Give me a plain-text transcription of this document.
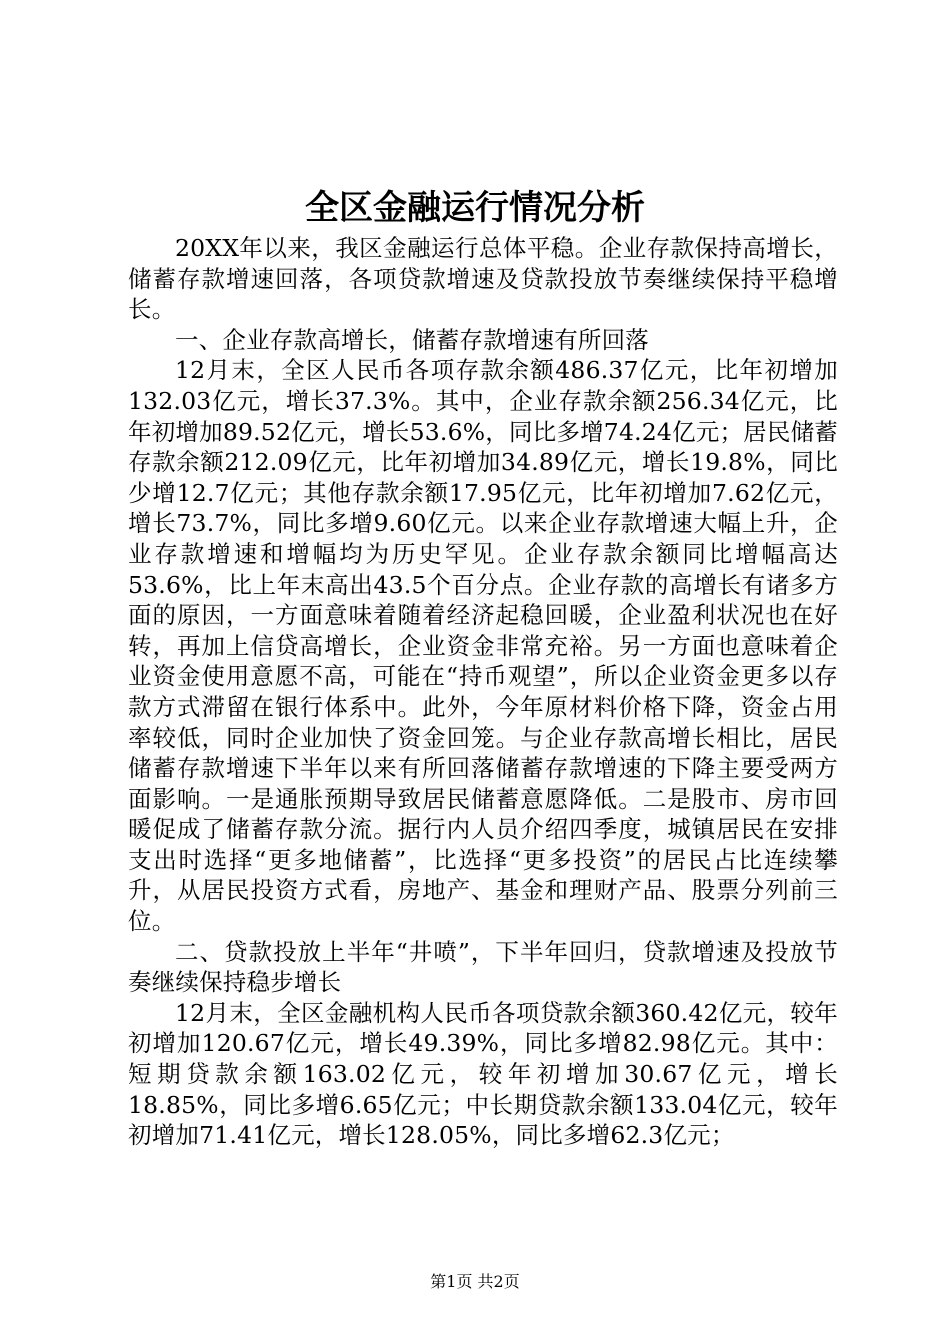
全区金融运行情况分析

20XX年以来，我区金融运行总体平稳。企业存款保持高增长，储蓄存款增速回落，各项贷款增速及贷款投放节奏继续保持平稳增长。

一、企业存款高增长，储蓄存款增速有所回落

12月末，全区人民币各项存款余额486.37亿元，比年初增加132.03亿元，增长37.3%。其中，企业存款余额256.34亿元，比年初增加89.52亿元，增长53.6%，同比多增74.24亿元；居民储蓄存款余额212.09亿元，比年初增加34.89亿元，增长19.8%，同比少增12.7亿元；其他存款余额17.95亿元，比年初增加7.62亿元，增长73.7%，同比多增9.60亿元。以来企业存款增速大幅上升，企业存款增速和增幅均为历史罕见。企业存款余额同比增幅高达53.6%，比上年末高出43.5个百分点。企业存款的高增长有诸多方面的原因，一方面意味着随着经济起稳回暖，企业盈利状况也在好转，再加上信贷高增长，企业资金非常充裕。另一方面也意味着企业资金使用意愿不高，可能在“持币观望”，所以企业资金更多以存款方式滞留在银行体系中。此外，今年原材料价格下降，资金占用率较低，同时企业加快了资金回笼。与企业存款高增长相比，居民储蓄存款增速下半年以来有所回落储蓄存款增速的下降主要受两方面影响。一是通胀预期导致居民储蓄意愿降低。二是股市、房市回暖促成了储蓄存款分流。据行内人员介绍四季度，城镇居民在安排支出时选择“更多地储蓄”，比选择“更多投资”的居民占比连续攀升，从居民投资方式看，房地产、基金和理财产品、股票分列前三位。

二、贷款投放上半年“井喷”，下半年回归，贷款增速及投放节奏继续保持稳步增长

12月末，全区金融机构人民币各项贷款余额360.42亿元，较年初增加120.67亿元，增长49.39%，同比多增82.98亿元。其中：短期贷款余额163.02亿元，较年初增加30.67亿元，增长18.85%，同比多增6.65亿元；中长期贷款余额133.04亿元，较年初增加71.41亿元，增长128.05%，同比多增62.3亿元；

第1页 共2页
